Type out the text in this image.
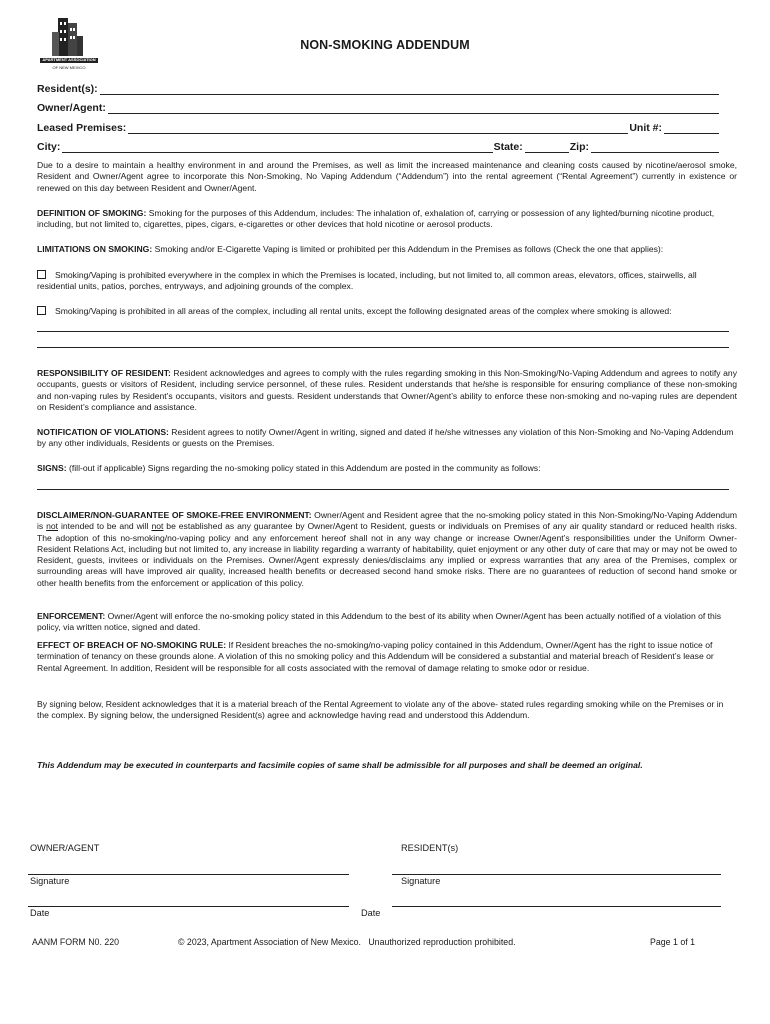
APARTMENT ASSOCIATION
OF NEW MEXICO
NON-SMOKING ADDENDUM
Resident(s):
Owner/Agent:
Leased Premises:	Unit #:
City:	State:	Zip:
Due to a desire to maintain a healthy environment in and around the Premises, as well as limit the increased maintenance and cleaning costs caused by nicotine/aerosol smoke, Resident and Owner/Agent agree to incorporate this Non-Smoking, No Vaping Addendum (“Addendum”) into the rental agreement (“Rental Agreement”) currently in existence or renewed on this day between Resident and Owner/Agent.
DEFINITION OF SMOKING: Smoking for the purposes of this Addendum, includes: The inhalation of, exhalation of, carrying or possession of any lighted/burning nicotine product, including, but not limited to, cigarettes, pipes, cigars, e-cigarettes or other devices that hold nicotine or aerosol products.
LIMITATIONS ON SMOKING: Smoking and/or E-Cigarette Vaping is limited or prohibited per this Addendum in the Premises as follows (Check the one that applies):
Smoking/Vaping is prohibited everywhere in the complex in which the Premises is located, including, but not limited to, all common areas, elevators, offices, stairwells, all residential units, patios, porches, entryways, and adjoining grounds of the complex.
Smoking/Vaping is prohibited in all areas of the complex, including all rental units, except the following designated areas of the complex where smoking is allowed:
RESPONSIBILITY OF RESIDENT: Resident acknowledges and agrees to comply with the rules regarding smoking in this Non-Smoking/No-Vaping Addendum and agrees to notify any occupants, guests or visitors of Resident, including service personnel, of these rules. Resident understands that he/she is responsible for ensuring compliance of these non-smoking and non-vaping rules by Resident’s occupants, visitors and guests. Resident understands that Owner/Agent’s ability to enforce these non-smoking and no-vaping rules are dependent on Resident’s compliance and assistance.
NOTIFICATION OF VIOLATIONS: Resident agrees to notify Owner/Agent in writing, signed and dated if he/she witnesses any violation of this Non-Smoking and No-Vaping Addendum by any other individuals, Residents or guests on the Premises.
SIGNS: (fill-out if applicable) Signs regarding the no-smoking policy stated in this Addendum are posted in the community as follows:
DISCLAIMER/NON-GUARANTEE OF SMOKE-FREE ENVIRONMENT: Owner/Agent and Resident agree that the no-smoking policy stated in this Non-Smoking/No-Vaping Addendum is not intended to be and will not be established as any guarantee by Owner/Agent to Resident, guests or individuals on Premises of any air quality standard or reduced health risks. The adoption of this no-smoking/no-vaping policy and any enforcement hereof shall not in any way change or increase Owner/Agent’s responsibilities under the Uniform Owner-Resident Relations Act, including but not limited to, any increase in liability regarding a warranty of habitability, quiet enjoyment or any other duty of care that may or may not be owed to Resident, guests, invitees or individuals on the Premises. Owner/Agent expressly denies/disclaims any implied or express warranties that any area of the Premises, complex or surrounding areas will have improved air quality, increased health benefits or decreased second hand smoke risks. There are no guarantees of reduction of second hand smoke or other health benefits from the enforcement or application of this policy.
ENFORCEMENT: Owner/Agent will enforce the no-smoking policy stated in this Addendum to the best of its ability when Owner/Agent has been actually notified of a violation of this policy, via written notice, signed and dated.
EFFECT OF BREACH OF NO-SMOKING RULE: If Resident breaches the no-smoking/no-vaping policy contained in this Addendum, Owner/Agent has the right to issue notice of termination of tenancy on these grounds alone. A violation of this no smoking policy and this Addendum will be considered a substantial and material breach of Resident’s lease or Rental Agreement. In addition, Resident will be responsible for all costs associated with the removal of damage relating to smoke odor or residue.
By signing below, Resident acknowledges that it is a material breach of the Rental Agreement to violate any of the above- stated rules regarding smoking while on the Premises or in the complex. By signing below, the undersigned Resident(s) agree and acknowledge having read and understood this Addendum.
This Addendum may be executed in counterparts and facsimile copies of same shall be admissible for all purposes and shall be deemed an original.
OWNER/AGENT	RESIDENT(s)
Signature	Signature
Date	Date
AANM FORM N0. 220	© 2023, Apartment Association of New Mexico.   Unauthorized reproduction prohibited.	Page 1 of 1
